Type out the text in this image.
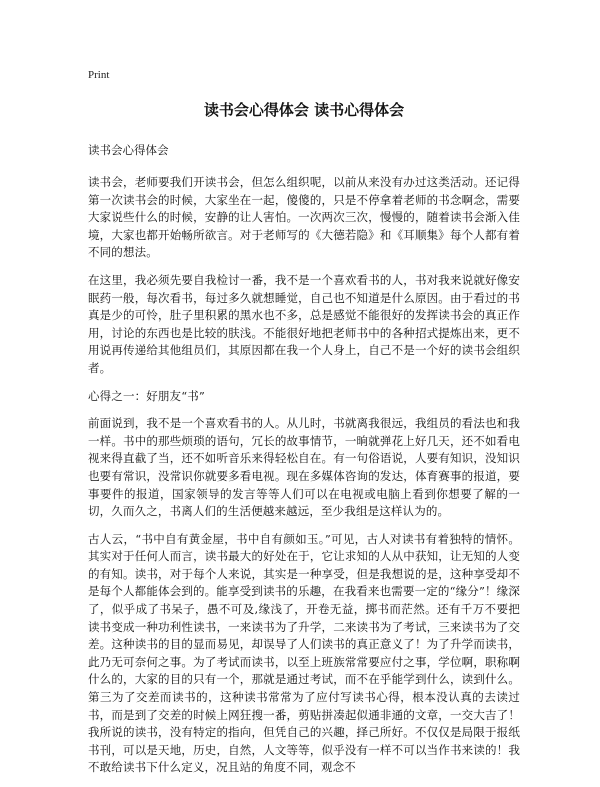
Print
读书会心得体会 读书心得体会

读书会心得体会

读书会，老师要我们开读书会，但怎么组织呢，以前从来没有办过这类活动。还记得第一次读书会的时候，大家坐在一起，傻傻的，只是不停拿着老师的书念啊念，需要大家说些什么的时候，安静的让人害怕。一次两次三次，慢慢的，随着读书会渐入佳境，大家也都开始畅所欲言。对于老师写的《大德若隐》和《耳顺集》每个人都有着不同的想法。

在这里，我必须先要自我检讨一番，我不是一个喜欢看书的人，书对我来说就好像安眠药一般，每次看书，每过多久就想睡觉，自己也不知道是什么原因。由于看过的书真是少的可怜，肚子里积累的黑水也不多，总是感觉不能很好的发挥读书会的真正作用，讨论的东西也是比较的肤浅。不能很好地把老师书中的各种招式提炼出来，更不用说再传递给其他组员们，其原因都在我一个人身上，自己不是一个好的读书会组织者。

心得之一：好朋友“书”

前面说到，我不是一个喜欢看书的人。从儿时，书就离我很远，我组员的看法也和我一样。书中的那些烦琐的语句，冗长的故事情节，一晌就弹花上好几天，还不如看电视来得直截了当，还不如听音乐来得轻松自在。有一句俗语说，人要有知识，没知识也要有常识，没常识你就要多看电视。现在多媒体咨询的发达，体育赛事的报道，要事要件的报道，国家领导的发言等等人们可以在电视或电脑上看到你想要了解的一切，久而久之，书离人们的生活便越来越远，至少我组是这样认为的。

古人云，“书中自有黄金屋，书中自有颜如玉。”可见，古人对读书有着独特的情怀。其实对于任何人而言，读书最大的好处在于，它让求知的人从中获知，让无知的人变的有知。读书，对于每个人来说，其实是一种享受，但是我想说的是，这种享受却不是每个人都能体会到的。能享受到读书的乐趣，在我看来也需要一定的“缘分”！缘深了，似乎成了书呆子，愚不可及,缘浅了，开卷无益，掷书而茫然。还有千万不要把读书变成一种功利性读书，一来读书为了升学，二来读书为了考试，三来读书为了交差。这种读书的目的显而易见，却误导了人们读书的真正意义了！为了升学而读书，此乃无可奈何之事。为了考试而读书，以至上班族常常要应付之事，学位啊，职称啊什么的，大家的目的只有一个，那就是通过考试，而不在乎能学到什么，读到什么。第三为了交差而读书的，这种读书常常为了应付写读书心得，根本没认真的去读过书，而是到了交差的时候上网狂搜一番，剪贴拼凑起似通非通的文章，一交大吉了！我所说的读书，没有特定的指向，但凭自己的兴趣，择己所好。不仅仅是局限于报纸书刊，可以是天地，历史，自然，人文等等，似乎没有一样不可以当作书来读的！我不敢给读书下什么定义，况且站的角度不同，观念不
